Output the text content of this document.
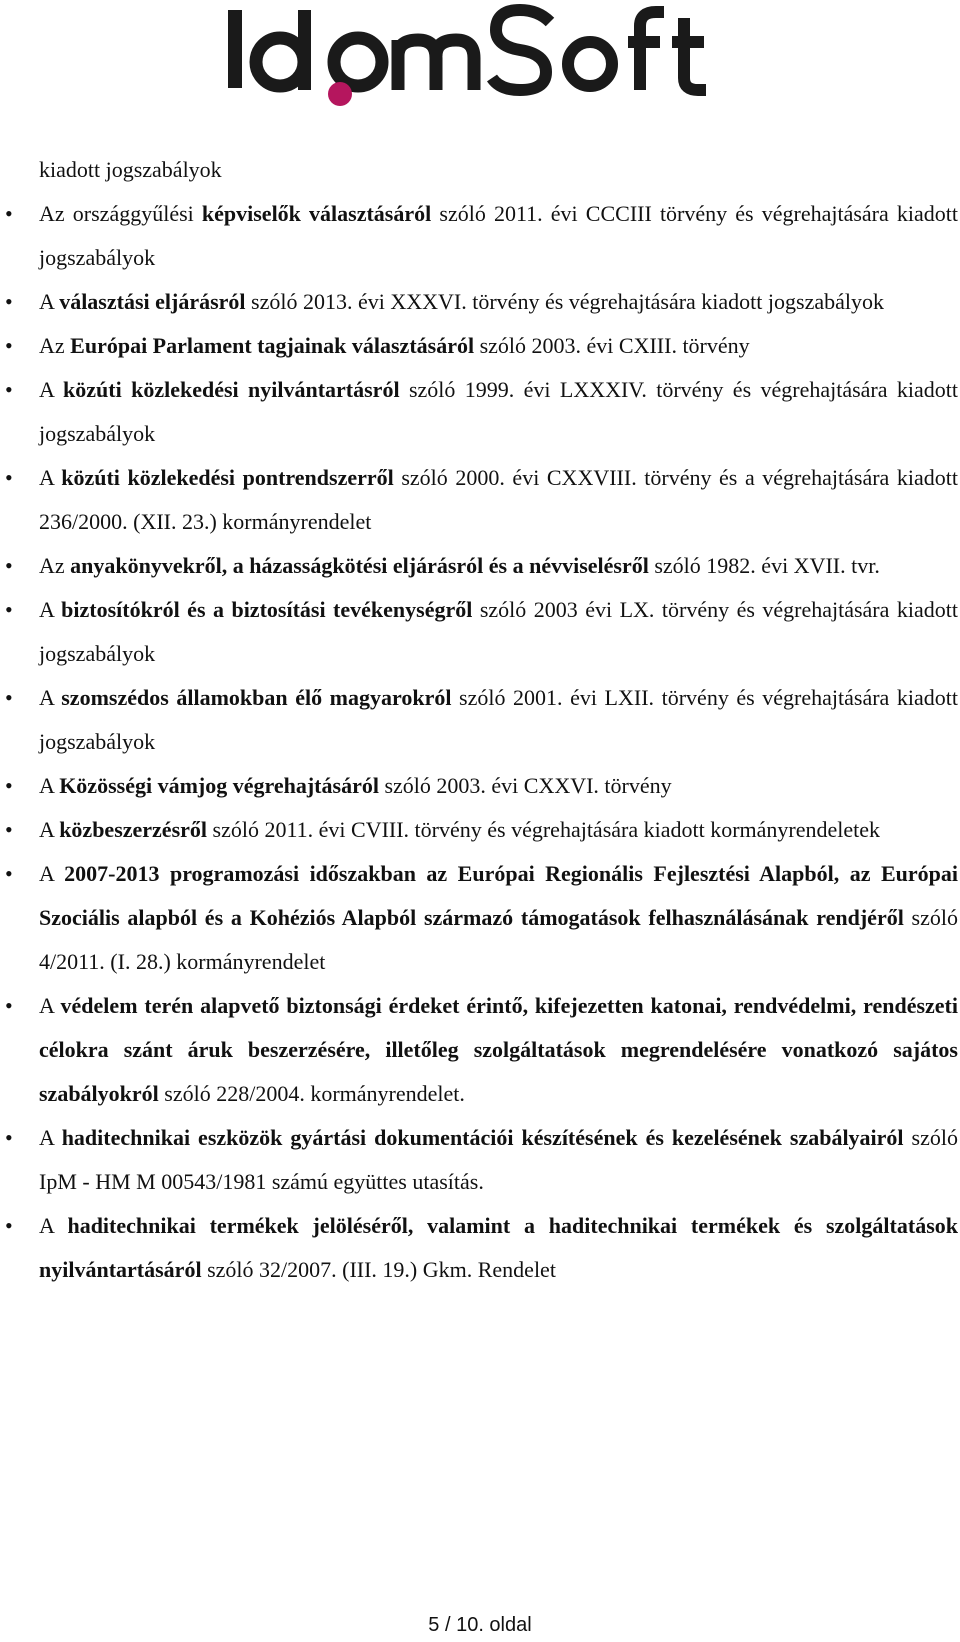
kiadott jogszabályok

• Az országgyűlési képviselők választásáról szóló 2011. évi CCCIII törvény és végrehajtására kiadott jogszabályok
• A választási eljárásról szóló 2013. évi XXXVI. törvény és végrehajtására kiadott jogszabályok
• Az Európai Parlament tagjainak választásáról szóló 2003. évi CXIII. törvény
• A közúti közlekedési nyilvántartásról szóló 1999. évi LXXXIV. törvény és végrehajtására kiadott jogszabályok
• A közúti közlekedési pontrendszerről szóló 2000. évi CXXVIII. törvény és a végrehajtására kiadott 236/2000. (XII. 23.) kormányrendelet
• Az anyakönyvekről, a házasságkötési eljárásról és a névviselésről szóló 1982. évi XVII. tvr.
• A biztosítókról és a biztosítási tevékenységről szóló 2003 évi LX. törvény és végrehajtására kiadott jogszabályok
• A szomszédos államokban élő magyarokról szóló 2001. évi LXII. törvény és végrehajtására kiadott jogszabályok
• A Közösségi vámjog végrehajtásáról szóló 2003. évi CXXVI. törvény
• A közbeszerzésről szóló 2011. évi CVIII. törvény és végrehajtására kiadott kormányrendeletek
• A 2007-2013 programozási időszakban az Európai Regionális Fejlesztési Alapból, az Európai Szociális alapból és a Kohéziós Alapból származó támogatások felhasználásának rendjéről szóló 4/2011. (I. 28.) kormányrendelet
• A védelem terén alapvető biztonsági érdeket érintő, kifejezetten katonai, rendvédelmi, rendészeti célokra szánt áruk beszerzésére, illetőleg szolgáltatások megrendelésére vonatkozó sajátos szabályokról szóló 228/2004. kormányrendelet.
• A haditechnikai eszközök gyártási dokumentációi készítésének és kezelésének szabályairól szóló IpM - HM M 00543/1981 számú együttes utasítás.
• A haditechnikai termékek jelöléséről, valamint a haditechnikai termékek és szolgáltatások nyilvántartásáról szóló 32/2007. (III. 19.) Gkm. Rendelet
5 / 10. oldal
